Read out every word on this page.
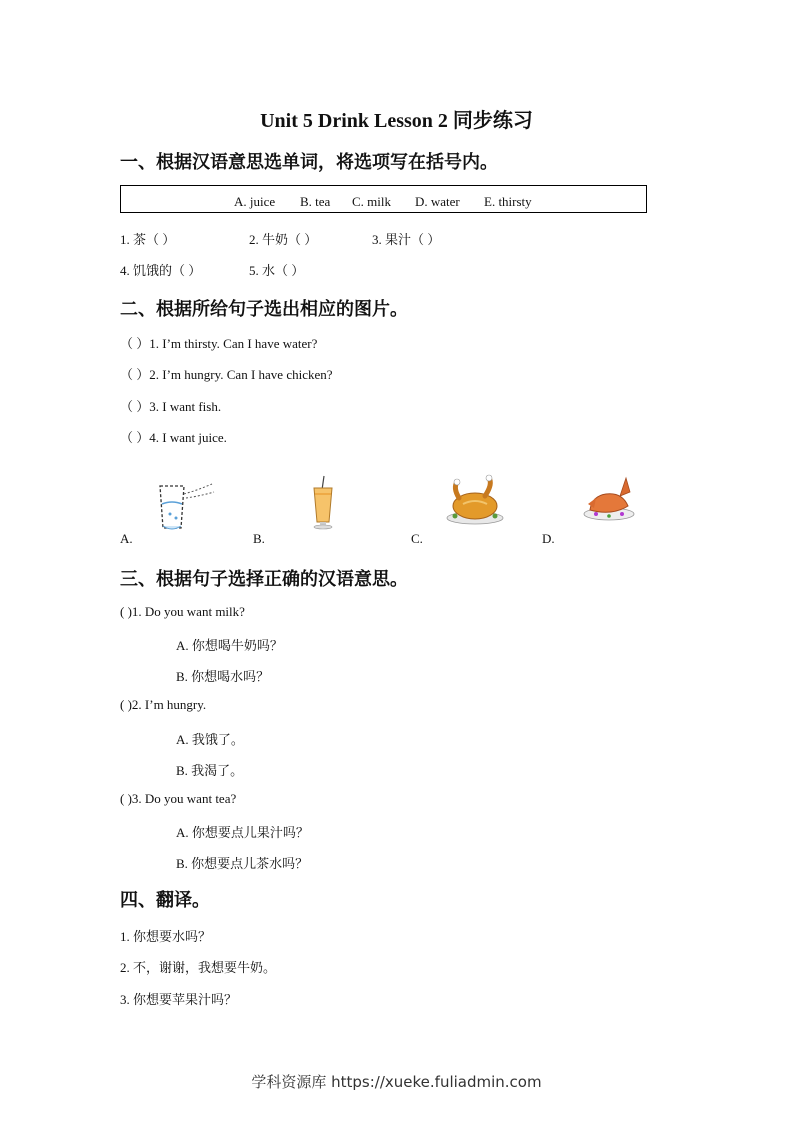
Unit 5 Drink Lesson 2 同步练习
一、根据汉语意思选单词，将选项写在括号内。
A. juice B. tea C. milk D. water E. thirsty
1. 茶（ ）	2. 牛奶（ ）	3. 果汁（ ）
4. 饥饿的（ ）	5. 水（ ）
二、根据所给句子选出相应的图片。
（ ）1. I’m thirsty. Can I have water?
（ ）2. I’m hungry. Can I have chicken?
（ ）3. I want fish.
（ ）4. I want juice.
A.	B.	C.	D.
三、根据句子选择正确的汉语意思。
( )1. Do you want milk?
A. 你想喝牛奶吗？
B. 你想喝水吗？
( )2. I’m hungry.
A. 我饿了。
B. 我渴了。
( )3. Do you want tea?
A. 你想要点儿果汁吗？
B. 你想要点儿茶水吗？
四、翻译。
1. 你想要水吗？
2. 不，谢谢，我想要牛奶。
3. 你想要苹果汁吗？
学科资源库 https://xueke.fuliadmin.com
